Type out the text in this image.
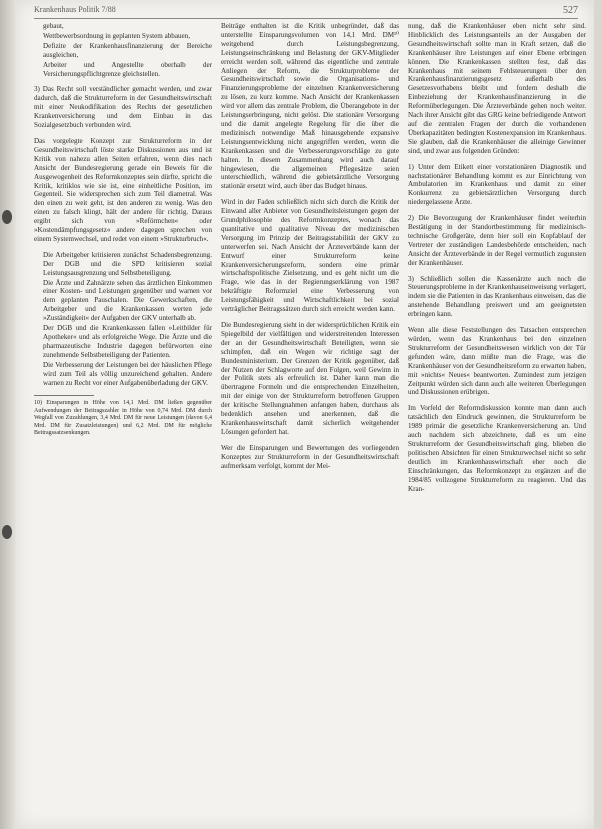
Krankenhaus Politik 7/88	527
• gebaut,
• Wettbewerbsordnung in geplanten System abbauen,
• Defizite der Krankenhausfinanzierung der Bereiche ausgleichen,
• Arbeiter und Angestellte oberhalb der Versicherungspflichtgrenze gleichstellen.

3) Das Recht soll verständlicher gemacht werden, und zwar dadurch, daß die Strukturreform in der Gesundheitswirtschaft mit einer Neukodifikation des Rechts der gesetzlichen Krankenversicherung und dem Einbau in das Sozialgesetzbuch verbunden wird.

Das vorgelegte Konzept zur Strukturreform in der Gesundheitswirtschaft löste starke Diskussionen aus und ist Kritik von nahezu allen Seiten erfahren, wenn dies nach Ansicht der Bundesregierung gerade ein Beweis für die Ausgewogenheit des Reformkonzeptes sein dürfte, spricht die Kritik, kritiklos wie sie ist, eine einheitliche Position, im Gegenteil. Sie widersprechen sich zum Teil diametral. Was den einen zu weit geht, ist den anderen zu wenig. Was den einen zu falsch klingt, hält der andere für richtig. Daraus ergibt sich von »Reförmchen« oder »Kostendämpfungsgesetz« andere dagegen sprechen von einem Systemwechsel, und redet von einem »Strukturbruch«.

• Die Arbeitgeber kritisieren zunächst Schadensbegrenzung. Der DGB und die SPD kritisieren sozial Leistungsausgrenzung und Selbstbeteiligung.
• Die Ärzte und Zahnärzte sehen das ärztlichen Einkommen einer Kosten- und Leistungen gegenüber und warnen vor dem geplanten Pauschalen. Die Gewerkschaften, die Arbeitgeber und die Krankenkassen werten jede »Zuständigkeit« der Aufgaben der GKV unterhalb ab.
• Der DGB und die Krankenkassen fallen »Leitbilder für Apotheker« und als erfolgreiche Wege. Die Ärzte und die pharmazeutische Industrie dagegen befürworten eine zunehmende Selbstbeteiligung der Patienten.
• Die Verbesserung der Leistungen bei der häuslichen Pflege wird zum Teil als völlig unzureichend gehalten. Andere warnen zu Recht vor einer Aufgabenüberladung der GKV.

10) Einsparungen in Höhe von 14,1 Mrd. DM ließen gegenüber Aufwendungen der Beitragszahler in Höhe von 0,74 Mrd. DM durch Wegfall von Zuzahlungen, 3,4 Mrd. DM für neue Leistungen (davon 6,4 Mrd. DM für Zusatzleistungen) und 6,2 Mrd. DM für mögliche Beitragssatzsenkungen.

Beiträge enthalten ist die Kritik unbegründet, daß das unterstellte Einsparungsvolumen von 14,1 Mrd. DM¹⁰ weitgehend durch Leistungsbegrenzung, Leistungseinschränkung und Belastung der GKV-Mitglieder erreicht werden soll, während das eigentliche und zentrale Anliegen der Reform, die Strukturprobleme der Gesundheitswirtschaft sowie die Organisations- und Finanzierungsprobleme der einzelnen Krankenversicherung zu lösen, zu kurz komme. Nach Ansicht der Krankenkassen wird vor allem das zentrale Problem, die Überangebote in der Leistungserbringung, nicht gelöst. Die stationäre Versorgung und die damit angelegte Regelung für die über die medizinisch notwendige Maß hinausgehende expansive Leistungsentwicklung nicht angegriffen werden, wenn die Krankenkassen und die Verbesserungsvorschläge zu gute halten. In diesem Zusammenhang wird auch darauf hingewiesen, die allgemeinen Pflegesätze seien unterschiedlich, während die gebietsärztliche Versorgung stationär ersetzt wird, auch über das Budget hinaus.

Wird in der Faden schließlich nicht sich durch die Kritik der Einwand aller Anbieter von Gesundheitsleistungen gegen der Grundphilosophie des Reformkonzeptes, wonach das quantitative und qualitative Niveau der medizinischen Versorgung im Prinzip der Beitragsstabilität der GKV zu unterwerfen sei. Nach Ansicht der Ärzteverbände kann der Entwurf einer Strukturreform keine Krankenversicherungsreform, sondern eine primär wirtschaftspolitische Zielsetzung, und es geht nicht um die Frage, wie das in der Regierungserklärung von 1987 bekräftigte Reformziel eine Verbesserung von Leistungsfähigkeit und Wirtschaftlichkeit bei sozial verträglicher Beitragssätzen durch sich erreicht werden kann.

Die Bundesregierung sieht in der widersprüchlichen Kritik ein Spiegelbild der vielfältigen und widerstreitenden Interessen der an der Gesundheitswirtschaft Beteiligten, wenn sie schimpfen, daß ein Wegen wir richtige sagt der Bundesministerium. Der Grenzen der Kritik gegenüber, daß der Nutzen der Schlagworte auf den Folgen, weil Gewinn in der Politik stets als erfreulich ist. Daher kann man die übertragene Formeln und die entsprechenden Einzelheiten, mit der einige von der Strukturreform betroffenen Gruppen der kritische Stellungnahmen anfangen haben, durchaus als bedenklich ansehen und anerkennen, daß die Krankenhauswirtschaft damit sicherlich weitgehender Lösungen gefordert hat.

Wer die Einsparungen und Bewertungen des vorliegenden Konzeptes zur Strukturreform in der Gesundheitswirtschaft aufmerksam verfolgt, kommt der Mei-

nung, daß die Krankenhäuser eben nicht sehr sind. Hinblicklich des Leistungsanteils an der Ausgaben der Gesundheitswirtschaft sollte man in Kraft setzen, daß die Krankenhäuser ihre Leistungen auf einer Ebene erbringen können. Die Krankenkassen stellten fest, daß das Krankenhaus mit seinem Fehlsteuerungen über den Krankenhausfinanzierungsgesetz außerhalb des Gesetzesvorhabens bleibt und fordern deshalb die Einbeziehung der Krankenhausfinanzierung in die Reformüberlegungen. Die Ärzteverbände gehen noch weiter. Nach ihrer Ansicht gibt das GRG keine befriedigende Antwort auf die zentralen Fragen der durch die vorhandenen Überkapazitäten bedingten Kostenexpansion im Krankenhaus. Sie glauben, daß die Krankenhäuser die alleinige Gewinner sind, und zwar aus folgenden Gründen:

1) Unter dem Etikett einer vorstationären Diagnostik und nachstationärer Behandlung kommt es zur Einrichtung von Ambulatorien im Krankenhaus und damit zu einer Konkurrenz zu gebietsärztlichen Versorgung durch niedergelassene Ärzte.

2) Die Bevorzugung der Krankenhäuser findet weiterhin Bestätigung in der Standortbestimmung für medizinisch-technische Großgeräte, denn hier soll ein Kopfablauf der Vertreter der zuständigen Landesbehörde entscheiden, nach Ansicht der Ärzteverbände in der Regel vermutlich zugunsten der Krankenhäuser.

3) Schließlich sollen die Kassenärzte auch noch die Steuerungsprobleme in der Krankenhauseinweisung verlagert, indem sie die Patienten in das Krankenhaus einweisen, das die anstehende Behandlung preiswert und am geeignetsten erbringen kann.

Wenn alle diese Feststellungen des Tatsachen entsprechen würden, wenn das Krankenhaus bei den einzelnen Strukturreform der Gesundheitswesen wirklich von der Tür gefunden wäre, dann müßte man die Frage, was die Krankenhäuser von der Gesundheitsreform zu erwarten haben, mit »nichts« Neues« beantworten. Zumindest zum jetzigen Zeitpunkt würden sich dann auch alle weiteren Überlegungen und Diskussionen erübrigen.

Im Vorfeld der Reformdiskussion konnte man dann auch tatsächlich den Eindruck gewinnen, die Strukturreform be 1989 primär die gesetzliche Krankenversicherung an. Und auch nachdem sich abzeichnete, daß es um eine Strukturreform der Gesundheitswirtschaft ging, blieben die politischen Absichten für einen Strukturwechsel nicht so sehr deutlich im Krankenhauswirtschaft eher noch die Einschränkungen, das Reformkonzept zu ergänzen auf die 1984/85 vollzogene Strukturreform zu reagieren. Und das Kran-
